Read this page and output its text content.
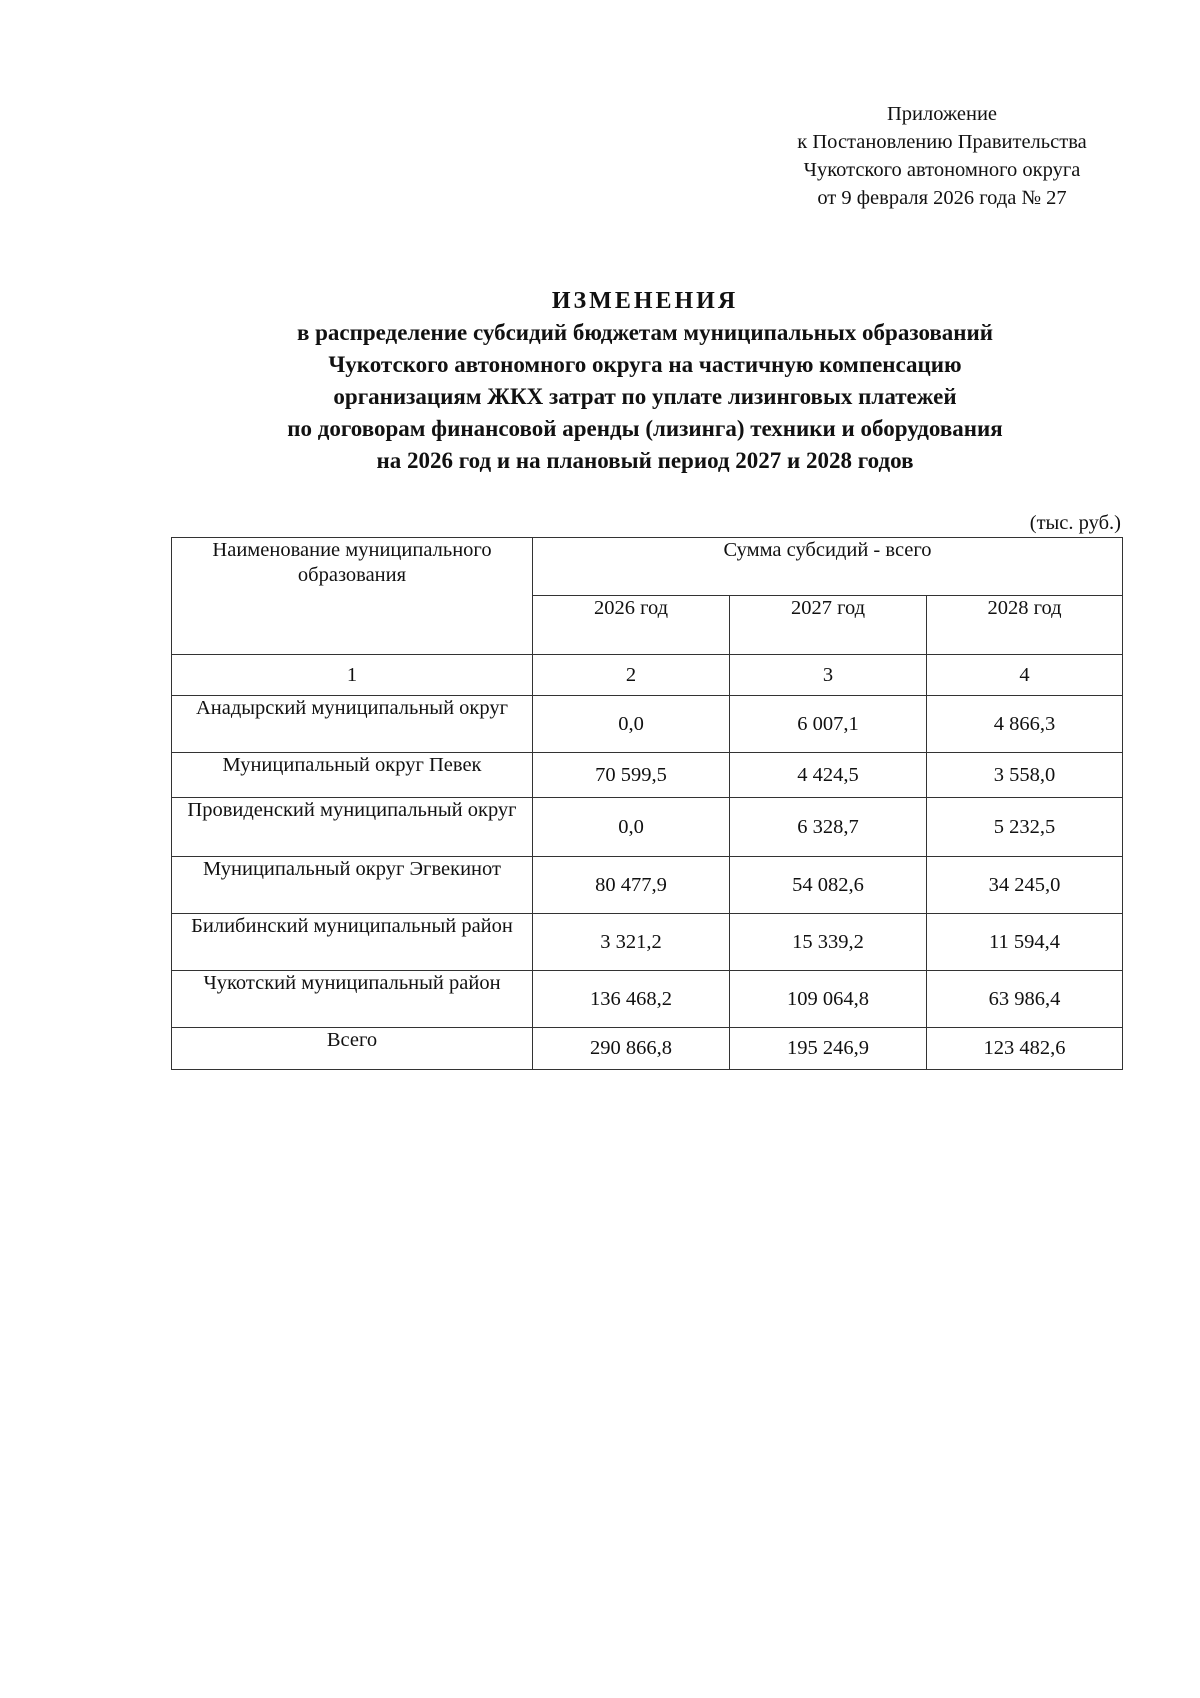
Приложение
к Постановлению Правительства
Чукотского автономного округа
от 9 февраля 2026 года № 27
ИЗМЕНЕНИЯ
в распределение субсидий бюджетам муниципальных образований
Чукотского автономного округа на частичную компенсацию
организациям ЖКХ затрат по уплате лизинговых платежей
по договорам финансовой аренды (лизинга) техники и оборудования
на 2026 год и на плановый период 2027 и 2028 годов
(тыс. руб.)
Наименование муниципального образования	Сумма субсидий - всего		
	2026 год	2027 год	2028 год
1	2	3	4
Анадырский муниципальный округ	0,0	6 007,1	4 866,3
Муниципальный округ Певек	70 599,5	4 424,5	3 558,0
Провиденский муниципальный округ	0,0	6 328,7	5 232,5
Муниципальный округ Эгвекинот	80 477,9	54 082,6	34 245,0
Билибинский муниципальный район	3 321,2	15 339,2	11 594,4
Чукотский муниципальный район	136 468,2	109 064,8	63 986,4
Всего	290 866,8	195 246,9	123 482,6
